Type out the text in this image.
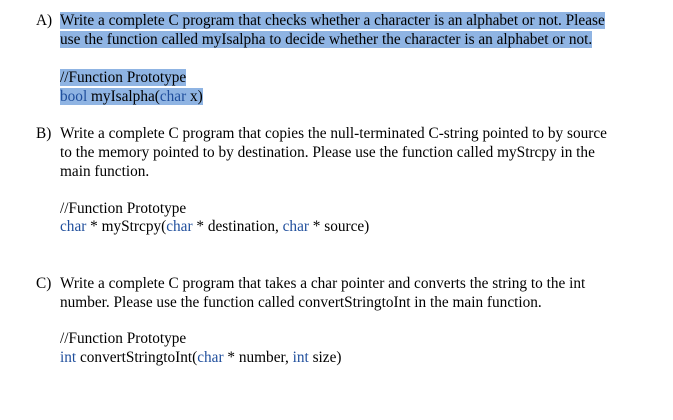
A) Write a complete C program that checks whether a character is an alphabet or not. Please
use the function called myIsalpha to decide whether the character is an alphabet or not.
//Function Prototype
bool myIsalpha(char x)
B) Write a complete C program that copies the null-terminated C-string pointed to by source
to the memory pointed to by destination. Please use the function called myStrcpy in the
main function.
//Function Prototype
char * myStrcpy(char * destination, char * source)
C) Write a complete C program that takes a char pointer and converts the string to the int
number. Please use the function called convertStringtoInt in the main function.
//Function Prototype
int convertStringtoInt(char * number, int size)
